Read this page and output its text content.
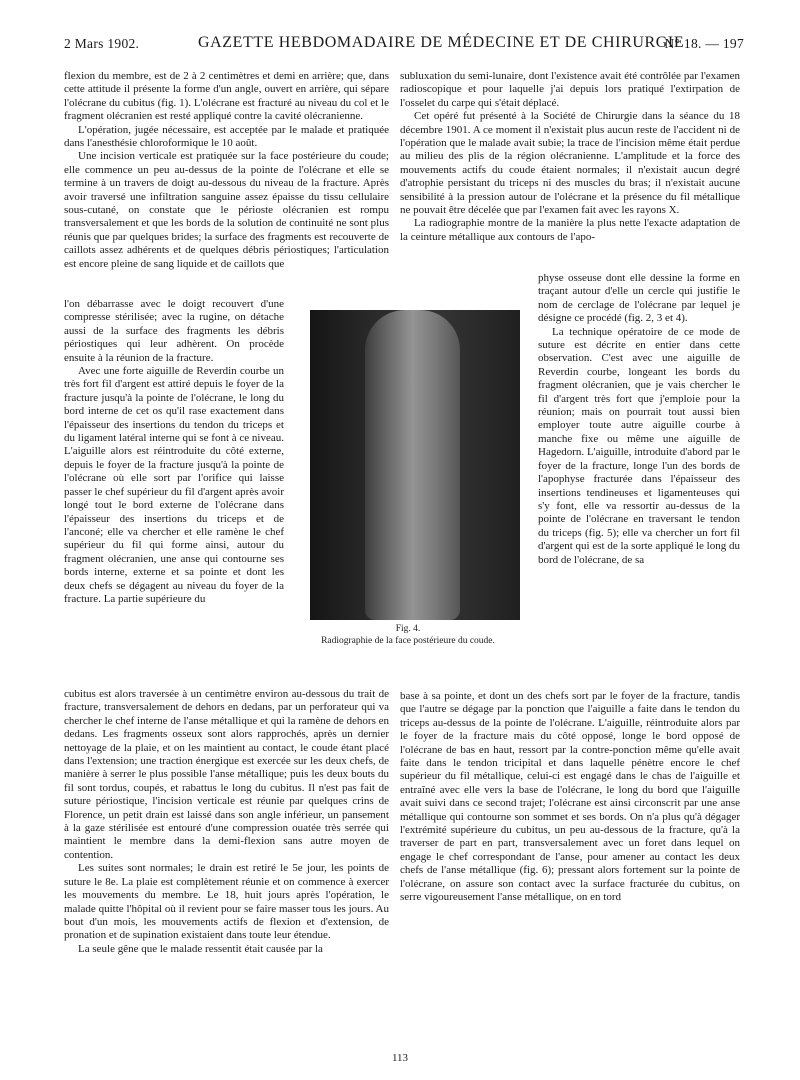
2 Mars 1902.	GAZETTE HEBDOMADAIRE DE MÉDECINE ET DE CHIRURGIE
N° 18. — 197

flexion du membre, est de 2 à 2 centimètres et demi en arrière; que, dans cette attitude il présente la forme d'un angle, ouvert en arrière, qui sépare l'olécrane du cubitus (fig. 1). L'olécrane est fracturé au niveau du col et le fragment olécranien est resté appliqué contre la cavité olécranienne.

L'opération, jugée nécessaire, est acceptée par le malade et pratiquée dans l'anesthésie chloroformique le 10 août.

Une incision verticale est pratiquée sur la face postérieure du coude; elle commence un peu au-dessus de la pointe de l'olécrane et elle se termine à un travers de doigt au-dessous du niveau de la fracture. Après avoir traversé une infiltration sanguine assez épaisse du tissu cellulaire sous-cutané, on constate que le périoste olécranien est rompu transversalement et que les bords de la solution de continuité ne sont plus réunis que par quelques brides; la surface des fragments est recouverte de caillots assez adhérents et de quelques débris périostiques; l'articulation est encore pleine de sang liquide et de caillots que

l'on débarrasse avec le doigt recouvert d'une compresse stérilisée; avec la rugine, on détache aussi de la surface des fragments les débris périostiques qui leur adhèrent. On procède ensuite à la réunion de la fracture.

Avec une forte aiguille de Reverdin courbe un très fort fil d'argent est attiré depuis le foyer de la fracture jusqu'à la pointe de l'olécrane, le long du bord interne de cet os qu'il rase exactement dans l'épaisseur des insertions du tendon du triceps et du ligament latéral interne qui se font à ce niveau. L'aiguille alors est réintroduite du côté externe, depuis le foyer de la fracture jusqu'à la pointe de l'olécrane où elle sort par l'orifice qui laisse passer le chef supérieur du fil d'argent après avoir longé tout le bord externe de l'olécrane dans l'épaisseur des insertions du triceps et de l'anconé; elle va chercher et elle ramène le chef supérieur du fil qui forme ainsi, autour du fragment olécranien, une anse qui contourne ses bords interne, externe et sa pointe et dont les deux chefs se dégagent au niveau du foyer de la fracture. La partie supérieure du

cubitus est alors traversée à un centimètre environ au-dessous du trait de fracture, transversalement de dehors en dedans, par un perforateur qui va chercher le chef interne de l'anse métallique et qui la ramène de dehors en dedans. Les fragments osseux sont alors rapprochés, après un dernier nettoyage de la plaie, et on les maintient au contact, le coude étant placé dans l'extension; une traction énergique est exercée sur les deux chefs, de manière à serrer le plus possible l'anse métallique; puis les deux bouts du fil sont tordus, coupés, et rabattus le long du cubitus. Il n'est pas fait de suture périostique, l'incision verticale est réunie par quelques crins de Florence, un petit drain est laissé dans son angle inférieur, un pansement à la gaze stérilisée est entouré d'une compression ouatée très serrée qui maintient le membre dans la demi-flexion sans autre moyen de contention.

Les suites sont normales; le drain est retiré le 5e jour, les points de suture le 8e. La plaie est complètement réunie et on commence à exercer les mouvements du membre. Le 18, huit jours après l'opération, le malade quitte l'hôpital où il revient pour se faire masser tous les jours. Au bout d'un mois, les mouvements actifs de flexion et d'extension, de pronation et de supination existaient dans toute leur étendue.

La seule gêne que le malade ressentit était causée par la

subluxation du semi-lunaire, dont l'existence avait été contrôlée par l'examen radioscopique et pour laquelle j'ai depuis lors pratiqué l'extirpation de l'osselet du carpe qui s'était déplacé.

Cet opéré fut présenté à la Société de Chirurgie dans la séance du 18 décembre 1901. A ce moment il n'existait plus aucun reste de l'accident ni de l'opération que le malade avait subie; la trace de l'incision même était perdue au milieu des plis de la région olécranienne. L'amplitude et la force des mouvements actifs du coude étaient normales; il n'existait aucun degré d'atrophie persistant du triceps ni des muscles du bras; il n'existait aucune sensibilité à la pression autour de l'olécrane et la présence du fil métallique ne pouvait être décelée que par l'examen fait avec les rayons X.

La radiographie montre de la manière la plus nette l'exacte adaptation de la ceinture métallique aux contours de l'apo-

physe osseuse dont elle dessine la forme en traçant autour d'elle un cercle qui justifie le nom de cerclage de l'olécrane par lequel je désigne ce procédé (fig. 2, 3 et 4).

La technique opératoire de ce mode de suture est décrite en entier dans cette observation. C'est avec une aiguille de Reverdin courbe, longeant les bords du fragment olécranien, que je vais chercher le fil d'argent très fort que j'emploie pour la réunion; mais on pourrait tout aussi bien employer toute autre aiguille courbe à manche fixe ou même une aiguille de Hagedorn. L'aiguille, introduite d'abord par le foyer de la fracture, longe l'un des bords de l'apophyse fracturée dans l'épaisseur des insertions tendineuses et ligamenteuses qui s'y font, elle va ressortir au-dessus de la pointe de l'olécrane en traversant le tendon du triceps (fig. 5); elle va chercher un fort fil d'argent qui est de la sorte appliqué le long du bord de l'olécrane, de sa

base à sa pointe, et dont un des chefs sort par le foyer de la fracture, tandis que l'autre se dégage par la ponction que l'aiguille a faite dans le tendon du triceps au-dessus de la pointe de l'olécrane. L'aiguille, réintroduite alors par le foyer de la fracture mais du côté opposé, longe le bord opposé de l'olécrane de bas en haut, ressort par la contre-ponction même qu'elle avait faite dans le tendon tricipital et dans laquelle pénètre encore le chef supérieur du fil métallique, celui-ci est engagé dans le chas de l'aiguille et entraîné avec elle vers la base de l'olécrane, le long du bord que l'aiguille avait suivi dans ce second trajet; l'olécrane est ainsi circonscrit par une anse métallique qui contourne son sommet et ses bords. On n'a plus qu'à dégager l'extrémité supérieure du cubitus, un peu au-dessous de la fracture, qu'à la traverser de part en part, transversalement avec un foret dans lequel on engage le chef correspondant de l'anse, pour amener au contact les deux chefs de l'anse métallique (fig. 6); pressant alors fortement sur la pointe de l'olécrane, on assure son contact avec la surface fracturée du cubitus, on serre vigoureusement l'anse métallique, on en tord

Fig. 4.
Radiographie de la face postérieure du coude.
113
